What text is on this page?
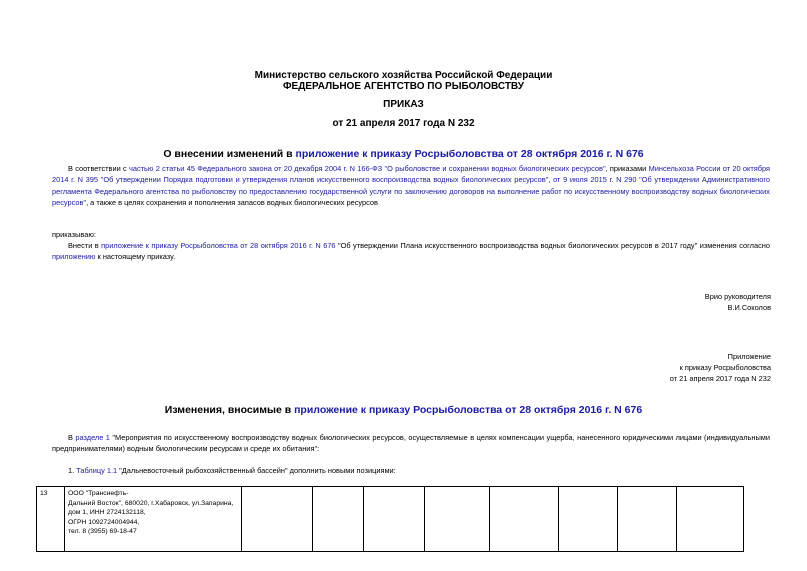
Министерство сельского хозяйства Российской Федерации
ФЕДЕРАЛЬНОЕ АГЕНТСТВО ПО РЫБОЛОВСТВУ
ПРИКАЗ
от 21 апреля 2017 года N 232
О внесении изменений в приложение к приказу Росрыболовства от 28 октября 2016 г. N 676
В соответствии с частью 2 статьи 45 Федерального закона от 20 декабря 2004 г. N 166-ФЗ "О рыболовстве и сохранении водных биологических ресурсов", приказами Минсельхоза России от 20 октября 2014 г. N 395 "Об утверждении Порядка подготовки и утверждения планов искусственного воспроизводства водных биологических ресурсов", от 9 июля 2015 г. N 290 "Об утверждении Административного регламента Федерального агентства по рыболовству по предоставлению государственной услуги по заключению договоров на выполнение работ по искусственному воспроизводству водных биологических ресурсов", а также в целях сохранения и пополнения запасов водных биологических ресурсов
приказываю:
Внести в приложение к приказу Росрыболовства от 28 октября 2016 г. N 676 "Об утверждении Плана искусственного воспроизводства водных биологических ресурсов в 2017 году" изменения согласно приложению к настоящему приказу.
Врио руководителя
В.И.Соколов
Приложение
к приказу Росрыболовства
от 21 апреля 2017 года N 232
Изменения, вносимые в приложение к приказу Росрыболовства от 28 октября 2016 г. N 676
В разделе 1 "Мероприятия по искусственному воспроизводству водных биологических ресурсов, осуществляемые в целях компенсации ущерба, нанесенного юридическими лицами (индивидуальными предпринимателями) водным биологическим ресурсам и среде их обитания":
1. Таблицу 1.1 "Дальневосточный рыбохозяйственный бассейн" дополнить новыми позициями:
13	ООО "Транснефть-
Дальний Восток", 680020, г.Хабаровск, ул.Запарина,
дом 1, ИНН 2724132118,
ОГРН 1092724004944,
тел. 8 (3955) 69-18-47
